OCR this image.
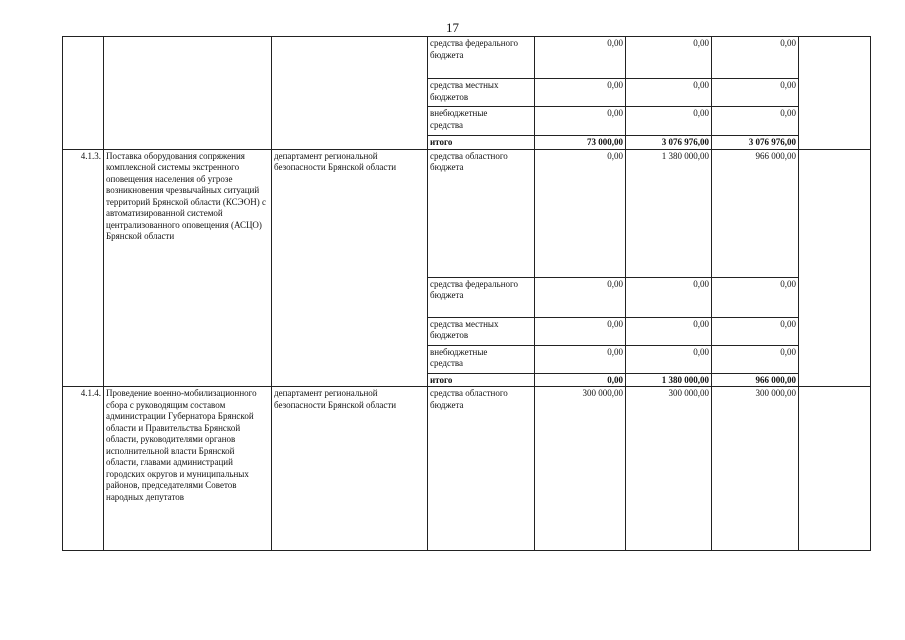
17

			средства федерального
бюджета	0,00	0,00	0,00	

			средства местных
бюджетов	0,00	0,00	0,00	

			внебюджетные
средства	0,00	0,00	0,00	
			итого	73 000,00	3 076 976,00	3 076 976,00	
4.1.3.	Поставка оборудования сопряжения комплексной системы экстренного оповещения населения об угрозе возникновения чрезвычайных ситуаций территорий Брянской области (КСЭОН) с автоматизированной системой централизованного оповещения (АСЦО) Брянской области	департамент региональной безопасности Брянской области	средства областного
бюджета	0,00	1 380 000,00	966 000,00	

			средства федерального
бюджета	0,00	0,00	0,00	

			средства местных
бюджетов	0,00	0,00	0,00	

			внебюджетные
средства	0,00	0,00	0,00	
			итого	0,00	1 380 000,00	966 000,00	
4.1.4.	Проведение военно-мобилизационного сбора с руководящим составом администрации Губернатора Брянской области и Правительства Брянской области, руководителями органов исполнительной власти Брянской области, главами администраций городских округов и муниципальных районов, председателями Советов народных депутатов	департамент региональной безопасности Брянской области	средства областного
бюджета	300 000,00	300 000,00	300 000,00	
